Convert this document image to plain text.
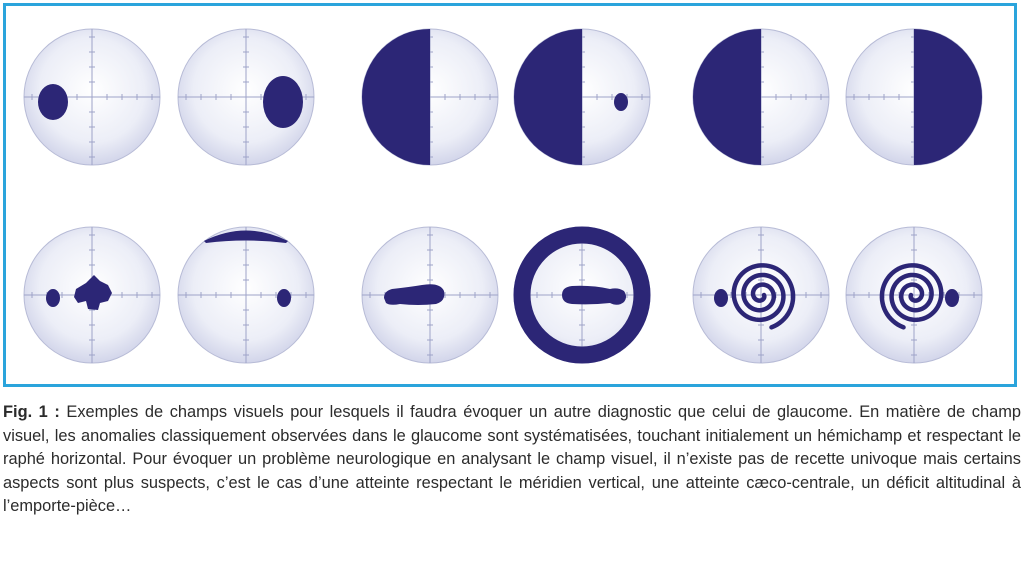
Fig. 1 : Exemples de champs visuels pour lesquels il faudra évoquer un autre diagnostic que celui de glaucome. En matière de champ visuel, les anomalies classiquement observées dans le glaucome sont systématisées, touchant initialement un hémichamp et respectant le raphé horizontal. Pour évoquer un problème neurologique en analysant le champ visuel, il n’existe pas de recette univoque mais certains aspects sont plus suspects, c’est le cas d’une atteinte respectant le méridien vertical, une atteinte cæco-centrale, un déficit altitudinal à l’emporte-pièce…
